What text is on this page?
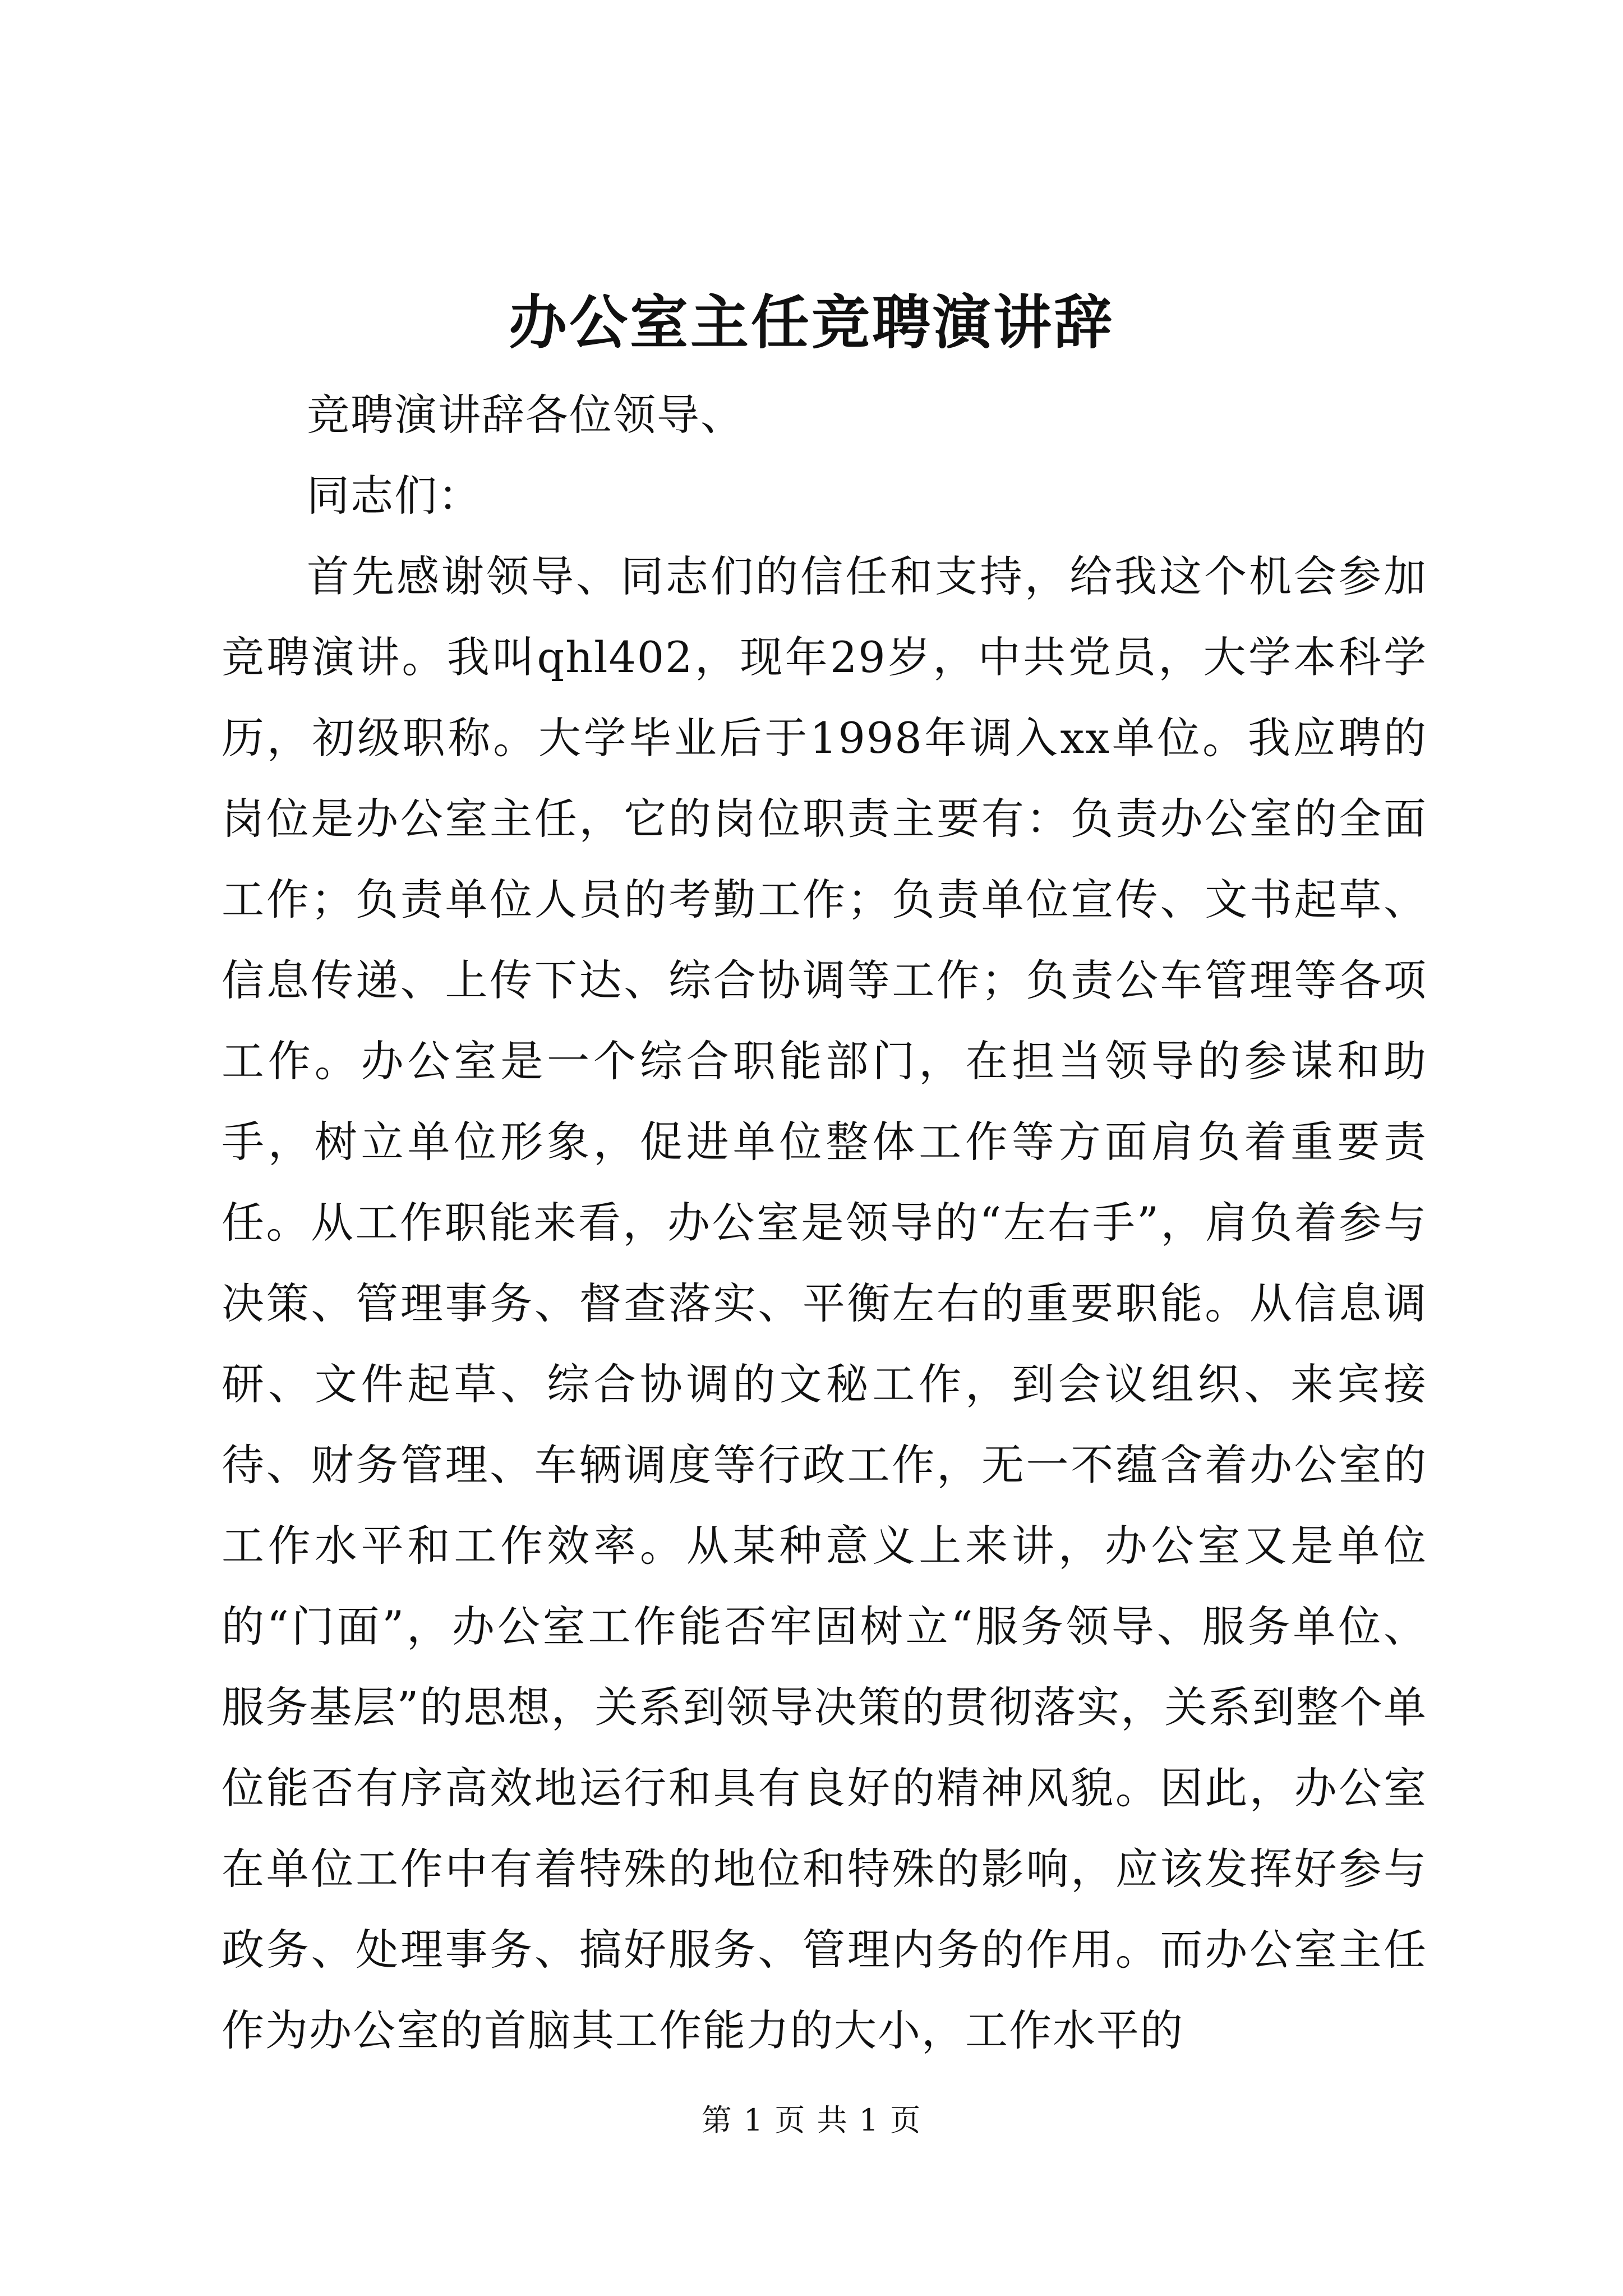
办公室主任竞聘演讲辞

竞聘演讲辞各位领导、

同志们：

首先感谢领导、同志们的信任和支持，给我这个机会参加竞聘演讲。我叫qhl402，现年29岁，中共党员，大学本科学历，初级职称。大学毕业后于1998年调入xx单位。我应聘的岗位是办公室主任，它的岗位职责主要有：负责办公室的全面工作；负责单位人员的考勤工作；负责单位宣传、文书起草、信息传递、上传下达、综合协调等工作；负责公车管理等各项工作。办公室是一个综合职能部门，在担当领导的参谋和助手，树立单位形象，促进单位整体工作等方面肩负着重要责任。从工作职能来看，办公室是领导的“左右手”，肩负着参与决策、管理事务、督查落实、平衡左右的重要职能。从信息调研、文件起草、综合协调的文秘工作，到会议组织、来宾接待、财务管理、车辆调度等行政工作，无一不蕴含着办公室的工作水平和工作效率。从某种意义上来讲，办公室又是单位的“门面”，办公室工作能否牢固树立“服务领导、服务单位、服务基层”的思想，关系到领导决策的贯彻落实，关系到整个单位能否有序高效地运行和具有良好的精神风貌。因此，办公室在单位工作中有着特殊的地位和特殊的影响，应该发挥好参与政务、处理事务、搞好服务、管理内务的作用。而办公室主任作为办公室的首脑其工作能力的大小，工作水平的

第 1 页 共 1 页
